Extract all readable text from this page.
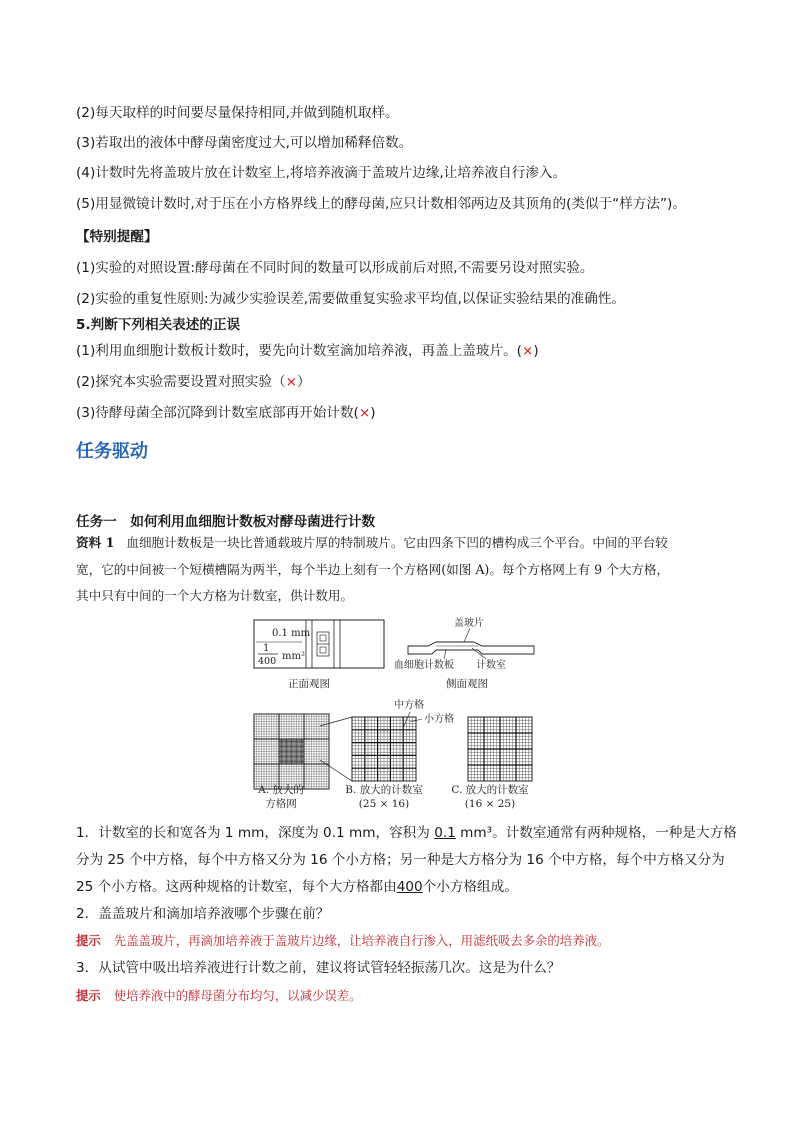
(2)每天取样的时间要尽量保持相同,并做到随机取样。
(3)若取出的液体中酵母菌密度过大,可以增加稀释倍数。
(4)计数时先将盖玻片放在计数室上,将培养液滴于盖玻片边缘,让培养液自行渗入。
(5)用显微镜计数时,对于压在小方格界线上的酵母菌,应只计数相邻两边及其顶角的(类似于“样方法”)。
【特别提醒】
(1)实验的对照设置:酵母菌在不同时间的数量可以形成前后对照,不需要另设对照实验。
(2)实验的重复性原则:为减少实验误差,需要做重复实验求平均值,以保证实验结果的准确性。
5.判断下列相关表述的正误
(1)利用血细胞计数板计数时，要先向计数室滴加培养液，再盖上盖玻片。(×)
(2)探究本实验需要设置对照实验（×）
(3)待酵母菌全部沉降到计数室底部再开始计数(×)
任务驱动
任务一　如何利用血细胞计数板对酵母菌进行计数
资料 1 血细胞计数板是一块比普通载玻片厚的特制玻片。它由四条下凹的槽构成三个平台。中间的平台较
宽，它的中间被一个短横槽隔为两半，每个半边上刻有一个方格网(如图 A)。每个方格网上有 9 个大方格，
其中只有中间的一个大方格为计数室，供计数用。
0.1 mm
1
400 mm²
盖玻片
血细胞计数板 计数室
正面观图	侧面观图
中方格
小方格
A. 放大的
方格网
B. 放大的计数室
(25 × 16)
C. 放大的计数室
(16 × 25)
1．计数室的长和宽各为 1 mm，深度为 0.1 mm，容积为 0.1 mm³。计数室通常有两种规格，一种是大方格
分为 25 个中方格，每个中方格又分为 16 个小方格；另一种是大方格分为 16 个中方格，每个中方格又分为
25 个小方格。这两种规格的计数室，每个大方格都由400个小方格组成。
2．盖盖玻片和滴加培养液哪个步骤在前？
提示 先盖盖玻片，再滴加培养液于盖玻片边缘，让培养液自行渗入，用滤纸吸去多余的培养液。
3．从试管中吸出培养液进行计数之前，建议将试管轻轻振荡几次。这是为什么？
提示 使培养液中的酵母菌分布均匀，以减少误差。
